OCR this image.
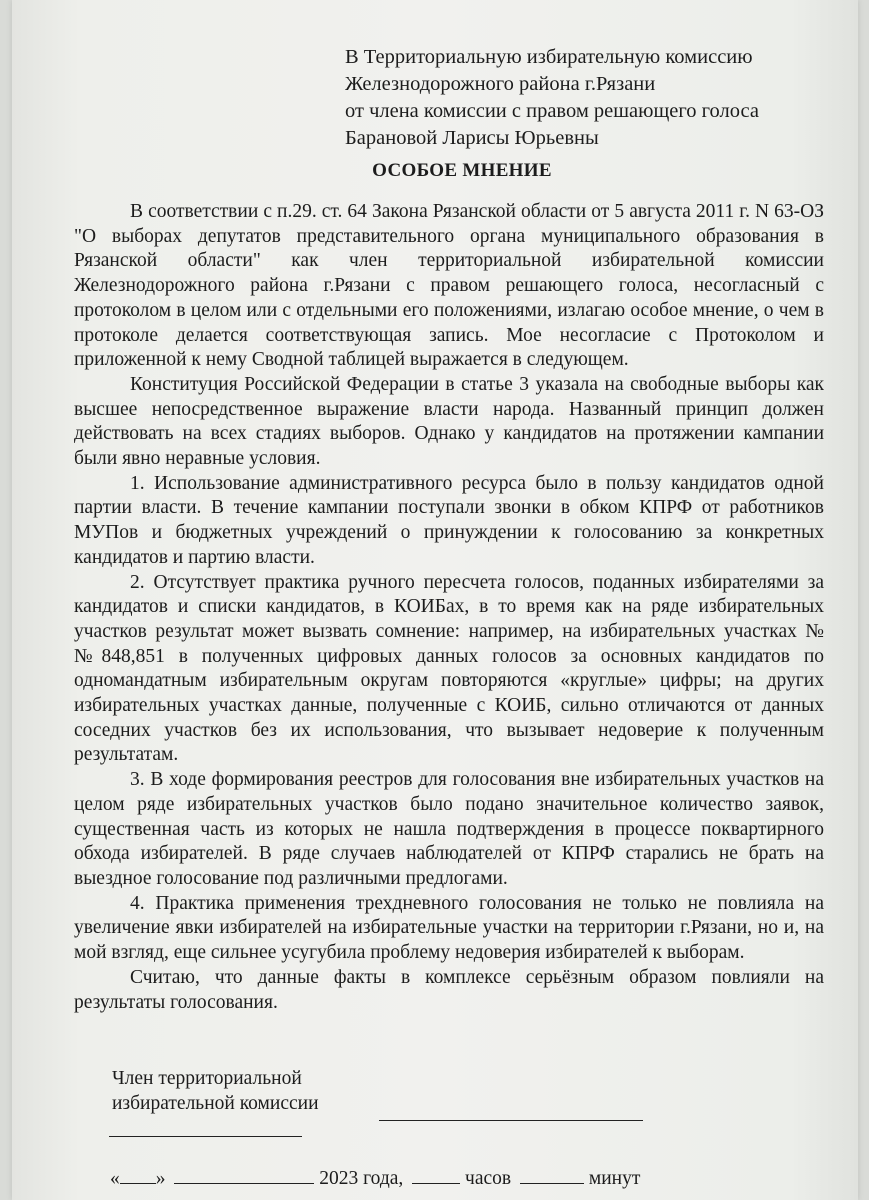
В Территориальную избирательную комиссию
Железнодорожного района г.Рязани
от члена комиссии с правом решающего голоса
Барановой Ларисы Юрьевны
ОСОБОЕ МНЕНИЕ

В соответствии с п.29. ст. 64 Закона Рязанской области от 5 августа 2011 г. N 63-ОЗ "О выборах депутатов представительного органа муниципального образования в Рязанской области" как член территориальной избирательной комиссии Железнодорожного района г.Рязани с правом решающего голоса, несогласный с протоколом в целом или с отдельными его положениями, излагаю особое мнение, о чем в протоколе делается соответствующая запись. Мое несогласие с Протоколом и приложенной к нему Сводной таблицей выражается в следующем.

Конституция Российской Федерации в статье 3 указала на свободные выборы как высшее непосредственное выражение власти народа. Названный принцип должен действовать на всех стадиях выборов. Однако у кандидатов на протяжении кампании были явно неравные условия.

1. Использование административного ресурса было в пользу кандидатов одной партии власти. В течение кампании поступали звонки в обком КПРФ от работников МУПов и бюджетных учреждений о принуждении к голосованию за конкретных кандидатов и партию власти.

2. Отсутствует практика ручного пересчета голосов, поданных избирателями за кандидатов и списки кандидатов, в КОИБах, в то время как на ряде избирательных участков результат может вызвать сомнение: например, на избирательных участках №№848,851 в полученных цифровых данных голосов за основных кандидатов по одномандатным избирательным округам повторяются «круглые» цифры; на других избирательных участках данные, полученные с КОИБ, сильно отличаются от данных соседних участков без их использования, что вызывает недоверие к полученным результатам.

3. В ходе формирования реестров для голосования вне избирательных участков на целом ряде избирательных участков было подано значительное количество заявок, существенная часть из которых не нашла подтверждения в процессе поквартирного обхода избирателей. В ряде случаев наблюдателей от КПРФ старались не брать на выездное голосование под различными предлогами.

4. Практика применения трехдневного голосования не только не повлияла на увеличение явки избирателей на избирательные участки на территории г.Рязани, но и, на мой взгляд, еще сильнее усугубила проблему недоверия избирателей к выборам.

Считаю, что данные факты в комплексе серьёзным образом повлияли на результаты голосования.

Член территориальной
избирательной комиссии
« »	2023 года,	часов	минут
